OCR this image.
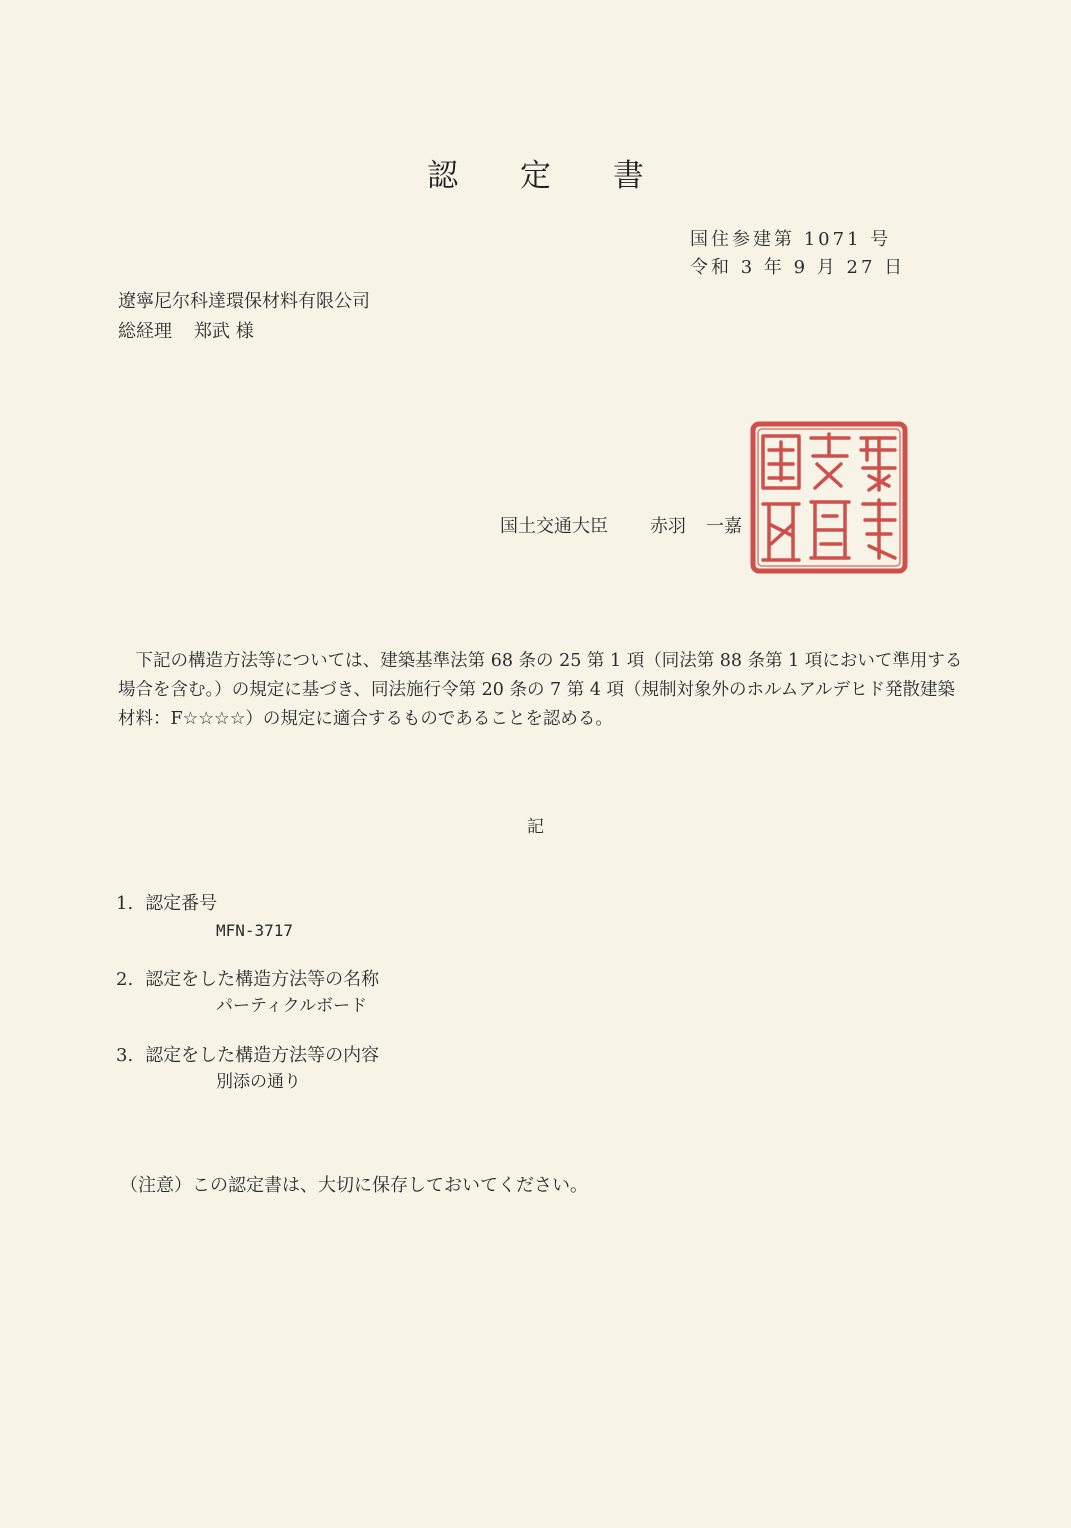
認 定 書
国住参建第 1071 号
令和 3 年 9 月 27 日
遼寧尼尔科達環保材料有限公司
総経理 郑武 様
国土交通大臣 赤羽 一嘉

下記の構造方法等については、建築基準法第 68 条の 25 第 1 項（同法第 88 条第 1 項において準用する場合を含む。）の規定に基づき、同法施行令第 20 条の 7 第 4 項（規制対象外のホルムアルデヒド発散建築材料：F☆☆☆☆）の規定に適合するものであることを認める。

記
1. 認定番号
MFN-3717
2. 認定をした構造方法等の名称
パーティクルボード
3. 認定をした構造方法等の内容
別添の通り
（注意）この認定書は、大切に保存しておいてください。
